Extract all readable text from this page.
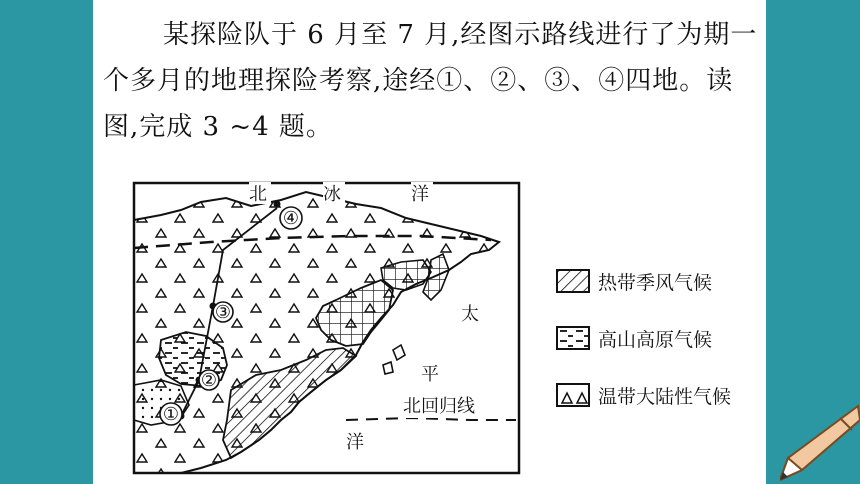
某探险队于 6 月至 7 月,经图示路线进行了为期一个多月的地理探险考察,途经①、②、③、④四地。读图,完成 3 ~4 题。
①
②
③
④
北	冰	洋
太
平
北回归线
洋
热带季风气候
高山高原气候
温带大陆性气候
